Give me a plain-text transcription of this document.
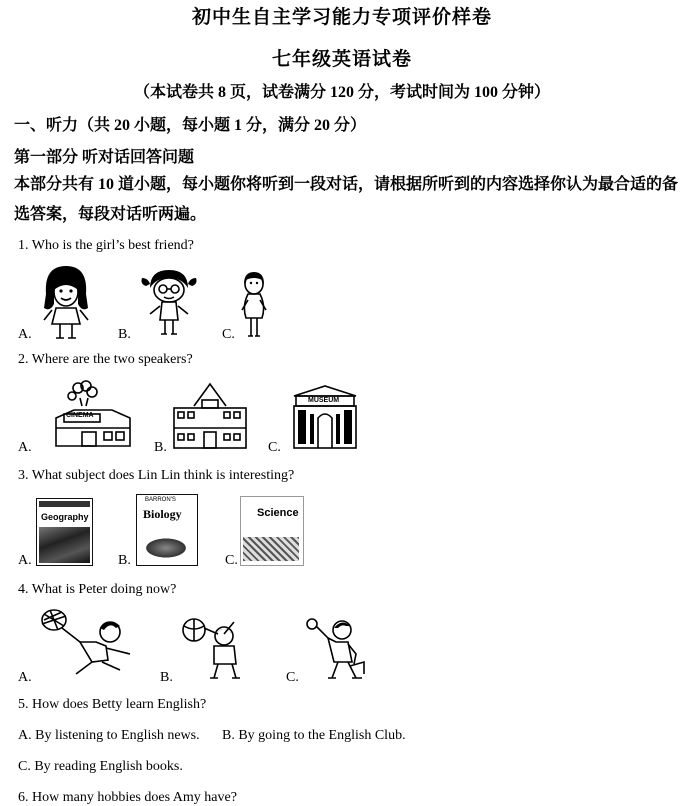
初中生自主学习能力专项评价样卷
七年级英语试卷
（本试卷共 8 页，试卷满分 120 分，考试时间为 100 分钟）
一、听力（共 20 小题，每小题 1 分，满分 20 分）
第一部分 听对话回答问题
本部分共有 10 道小题，每小题你将听到一段对话，请根据所听到的内容选择你认为最合适的备选答案，每段对话听两遍。
1. Who is the girl’s best friend?
A.	B.	C.
2. Where are the two speakers?
CINEMA
MUSEUM
A.	B.	C.
3. What subject does Lin Lin think is interesting?
Geography
BARRON'S
Biology	Science
A.	B.	C.
4. What is Peter doing now?
A.	B.	C.
5. How does Betty learn English?
A. By listening to English news. B. By going to the English Club.
C. By reading English books.
6. How many hobbies does Amy have?
